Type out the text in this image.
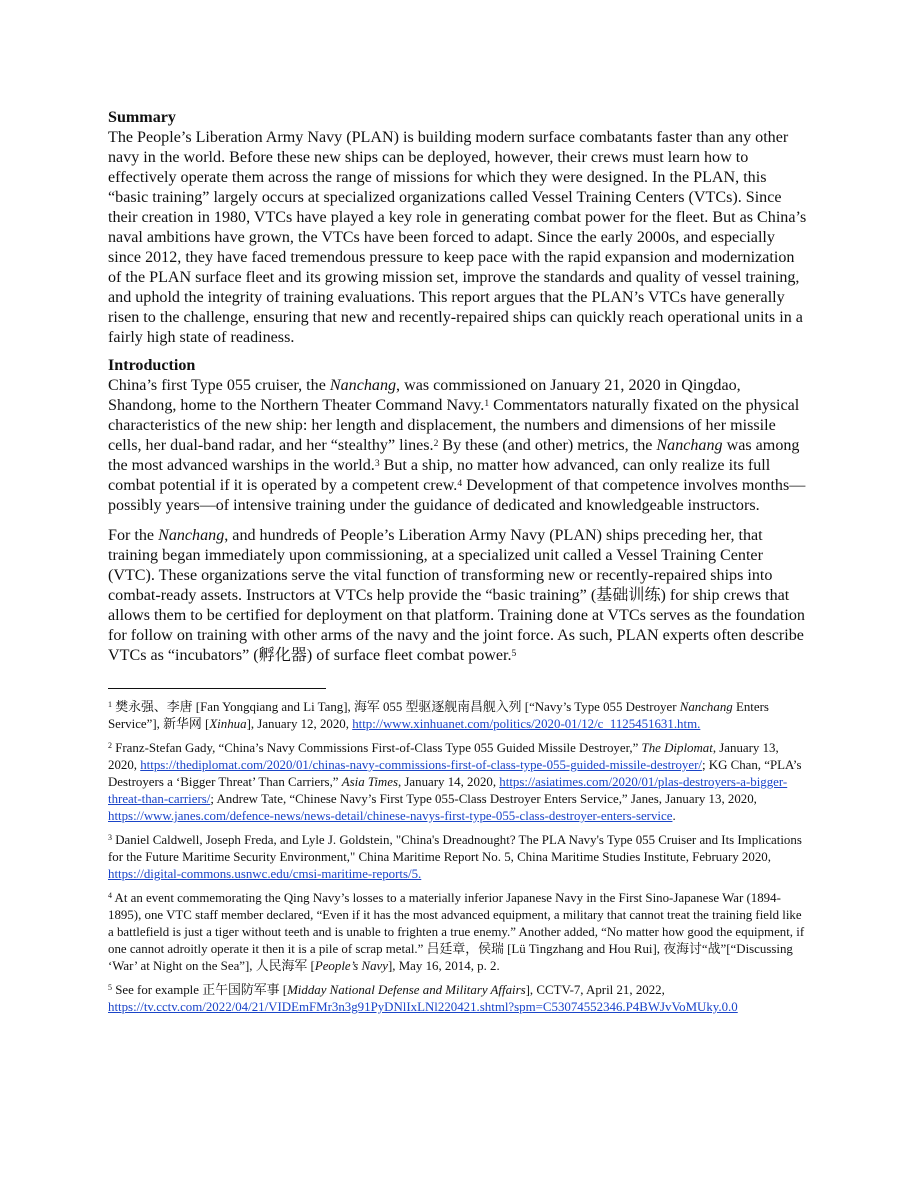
Summary

The People’s Liberation Army Navy (PLAN) is building modern surface combatants faster than any other navy in the world. Before these new ships can be deployed, however, their crews must learn how to effectively operate them across the range of missions for which they were designed. In the PLAN, this “basic training” largely occurs at specialized organizations called Vessel Training Centers (VTCs). Since their creation in 1980, VTCs have played a key role in generating combat power for the fleet. But as China’s naval ambitions have grown, the VTCs have been forced to adapt. Since the early 2000s, and especially since 2012, they have faced tremendous pressure to keep pace with the rapid expansion and modernization of the PLAN surface fleet and its growing mission set, improve the standards and quality of vessel training, and uphold the integrity of training evaluations. This report argues that the PLAN’s VTCs have generally risen to the challenge, ensuring that new and recently-repaired ships can quickly reach operational units in a fairly high state of readiness.

Introduction

China’s first Type 055 cruiser, the Nanchang, was commissioned on January 21, 2020 in Qingdao, Shandong, home to the Northern Theater Command Navy.$^1$ Commentators naturally fixated on the physical characteristics of the new ship: her length and displacement, the numbers and dimensions of her missile cells, her dual-band radar, and her “stealthy” lines.$^2$ By these (and other) metrics, the Nanchang was among the most advanced warships in the world.$^3$ But a ship, no matter how advanced, can only realize its full combat potential if it is operated by a competent crew.$^4$ Development of that competence involves months—possibly years—of intensive training under the guidance of dedicated and knowledgeable instructors.

For the Nanchang, and hundreds of People’s Liberation Army Navy (PLAN) ships preceding her, that training began immediately upon commissioning, at a specialized unit called a Vessel Training Center (VTC). These organizations serve the vital function of transforming new or recently-repaired ships into combat-ready assets. Instructors at VTCs help provide the “basic training” (基础训练) for ship crews that allows them to be certified for deployment on that platform. Training done at VTCs serves as the foundation for follow on training with other arms of the navy and the joint force. As such, PLAN experts often describe VTCs as “incubators” (孵化器) of surface fleet combat power.$^5$

$^1$ 樊永强、李唐 [Fan Yongqiang and Li Tang], 海军 055 型驱逐舰南昌舰入列 [“Navy’s Type 055 Destroyer Nanchang Enters Service”], 新华网 [Xinhua], January 12, 2020, http://www.xinhuanet.com/politics/2020-01/12/c_1125451631.htm.

$^2$ Franz-Stefan Gady, “China’s Navy Commissions First-of-Class Type 055 Guided Missile Destroyer,” The Diplomat, January 13, 2020, https://thediplomat.com/2020/01/chinas-navy-commissions-first-of-class-type-055-guided-missile-destroyer/; KG Chan, “PLA’s Destroyers a ‘Bigger Threat’ Than Carriers,” Asia Times, January 14, 2020, https://asiatimes.com/2020/01/plas-destroyers-a-bigger-threat-than-carriers/; Andrew Tate, “Chinese Navy’s First Type 055-Class Destroyer Enters Service,” Janes, January 13, 2020, https://www.janes.com/defence-news/news-detail/chinese-navys-first-type-055-class-destroyer-enters-service.

$^3$ Daniel Caldwell, Joseph Freda, and Lyle J. Goldstein, "China's Dreadnought? The PLA Navy's Type 055 Cruiser and Its Implications for the Future Maritime Security Environment," China Maritime Report No. 5, China Maritime Studies Institute, February 2020, https://digital-commons.usnwc.edu/cmsi-maritime-reports/5.

$^4$ At an event commemorating the Qing Navy’s losses to a materially inferior Japanese Navy in the First Sino-Japanese War (1894-1895), one VTC staff member declared, “Even if it has the most advanced equipment, a military that cannot treat the training field like a battlefield is just a tiger without teeth and is unable to frighten a true enemy.” Another added, “No matter how good the equipment, if one cannot adroitly operate it then it is a pile of scrap metal.” 吕廷章，侯瑞 [Lü Tingzhang and Hou Rui], 夜海讨“战”[“Discussing ‘War’ at Night on the Sea”], 人民海军 [People’s Navy], May 16, 2014, p. 2.

$^5$ See for example 正午国防军事 [Midday National Defense and Military Affairs], CCTV-7, April 21, 2022, https://tv.cctv.com/2022/04/21/VIDEmFMr3n3g91PyDNlIxLNl220421.shtml?spm=C53074552346.P4BWJvVoMUky.0.0
